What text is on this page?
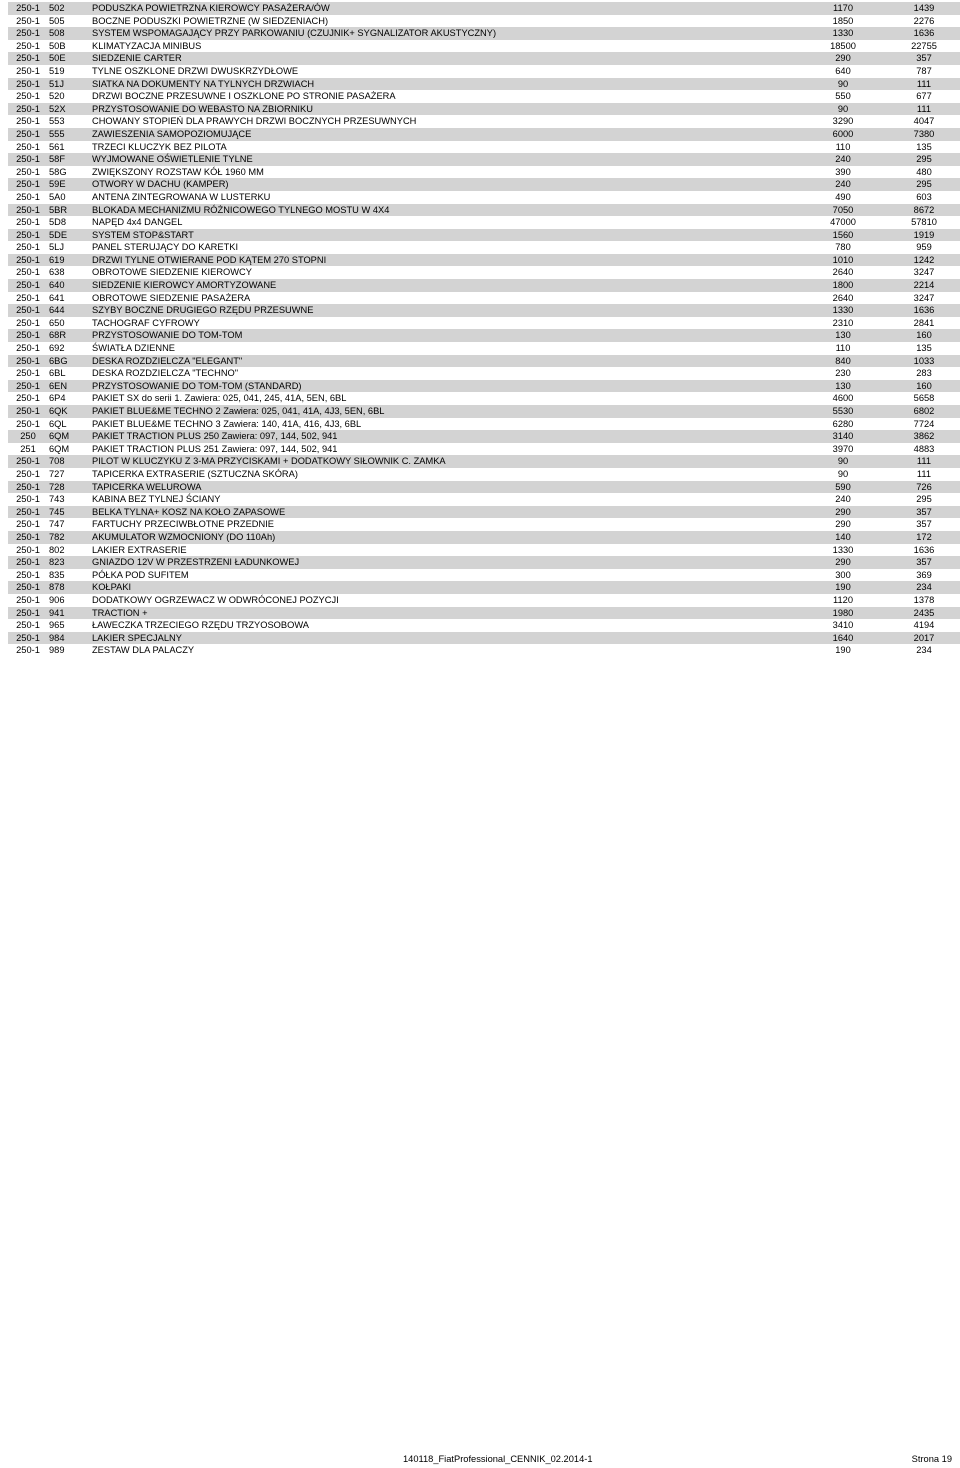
250-1 502	PODUSZKA POWIETRZNA KIEROWCY PASAŻERA/ÓW	1170	1439
250-1 505	BOCZNE PODUSZKI POWIETRZNE (W SIEDZENIACH)	1850	2276
250-1 508	SYSTEM WSPOMAGAJĄCY PRZY PARKOWANIU (CZUJNIK+ SYGNALIZATOR AKUSTYCZNY)	1330	1636
250-1 50B	KLIMATYZACJA MINIBUS	18500	22755
250-1 50E	SIEDZENIE CARTER	290	357
250-1 519	TYLNE OSZKLONE DRZWI DWUSKRZYDŁOWE	640	787
250-1 51J	SIATKA NA DOKUMENTY NA TYLNYCH DRZWIACH	90	111
250-1 520	DRZWI BOCZNE PRZESUWNE I OSZKLONE PO STRONIE PASAŻERA	550	677
250-1 52X	PRZYSTOSOWANIE DO WEBASTO NA ZBIORNIKU	90	111
250-1 553	CHOWANY STOPIEŃ DLA PRAWYCH DRZWI BOCZNYCH PRZESUWNYCH	3290	4047
250-1 555	ZAWIESZENIA SAMOPOZIOMUJĄCE	6000	7380
250-1 561	TRZECI KLUCZYK BEZ PILOTA	110	135
250-1 58F	WYJMOWANE OŚWIETLENIE TYLNE	240	295
250-1 58G	ZWIĘKSZONY ROZSTAW KÓŁ 1960 MM	390	480
250-1 59E	OTWORY W DACHU (KAMPER)	240	295
250-1 5A0	ANTENA ZINTEGROWANA W LUSTERKU	490	603
250-1 5BR	BLOKADA MECHANIZMU RÓŻNICOWEGO TYLNEGO MOSTU W 4X4	7050	8672
250-1 5D8	NAPĘD 4x4 DANGEL	47000	57810
250-1 5DE	SYSTEM STOP&START	1560	1919
250-1 5LJ	PANEL STERUJĄCY DO KARETKI	780	959
250-1 619	DRZWI TYLNE OTWIERANE POD KĄTEM 270 STOPNI	1010	1242
250-1 638	OBROTOWE SIEDZENIE KIEROWCY	2640	3247
250-1 640	SIEDZENIE KIEROWCY AMORTYZOWANE	1800	2214
250-1 641	OBROTOWE SIEDZENIE PASAŻERA	2640	3247
250-1 644	SZYBY BOCZNE DRUGIEGO RZĘDU PRZESUWNE	1330	1636
250-1 650	TACHOGRAF CYFROWY	2310	2841
250-1 68R	PRZYSTOSOWANIE DO TOM-TOM	130	160
250-1 692	ŚWIATŁA DZIENNE	110	135
250-1 6BG	DESKA ROZDZIELCZA "ELEGANT"	840	1033
250-1 6BL	DESKA ROZDZIELCZA "TECHNO"	230	283
250-1 6EN	PRZYSTOSOWANIE DO TOM-TOM (STANDARD)	130	160
250-1 6P4	PAKIET SX do serii 1. Zawiera: 025, 041, 245, 41A, 5EN, 6BL	4600	5658
250-1 6QK	PAKIET BLUE&ME TECHNO 2 Zawiera: 025, 041, 41A, 4J3, 5EN, 6BL	5530	6802
250-1 6QL	PAKIET BLUE&ME TECHNO 3 Zawiera: 140, 41A, 416, 4J3, 6BL	6280	7724
250	6QM	PAKIET TRACTION PLUS 250 Zawiera: 097, 144, 502, 941	3140	3862
251	6QM	PAKIET TRACTION PLUS 251 Zawiera: 097, 144, 502, 941	3970	4883
250-1 708	PILOT W KLUCZYKU Z 3-MA PRZYCISKAMI + DODATKOWY SIŁOWNIK C. ZAMKA	90	111
250-1 727	TAPICERKA EXTRASERIE (SZTUCZNA SKÓRA)	90	111
250-1 728	TAPICERKA WELUROWA	590	726
250-1 743	KABINA BEZ TYLNEJ ŚCIANY	240	295
250-1 745	BELKA TYLNA+ KOSZ NA KOŁO ZAPASOWE	290	357
250-1 747	FARTUCHY PRZECIWBŁOTNE PRZEDNIE	290	357
250-1 782	AKUMULATOR WZMOCNIONY (DO 110Ah)	140	172
250-1 802	LAKIER EXTRASERIE	1330	1636
250-1 823	GNIAZDO 12V W PRZESTRZENI ŁADUNKOWEJ	290	357
250-1 835	PÓŁKA POD SUFITEM	300	369
250-1 878	KOŁPAKI	190	234
250-1 906	DODATKOWY OGRZEWACZ W ODWRÓCONEJ POZYCJI	1120	1378
250-1 941	TRACTION +	1980	2435
250-1 965	ŁAWECZKA TRZECIEGO RZĘDU TRZYOSOBOWA	3410	4194
250-1 984	LAKIER SPECJALNY	1640	2017
250-1 989	ZESTAW DLA PALACZY	190	234
140118_FiatProfessional_CENNIK_02.2014-1	Strona 19
